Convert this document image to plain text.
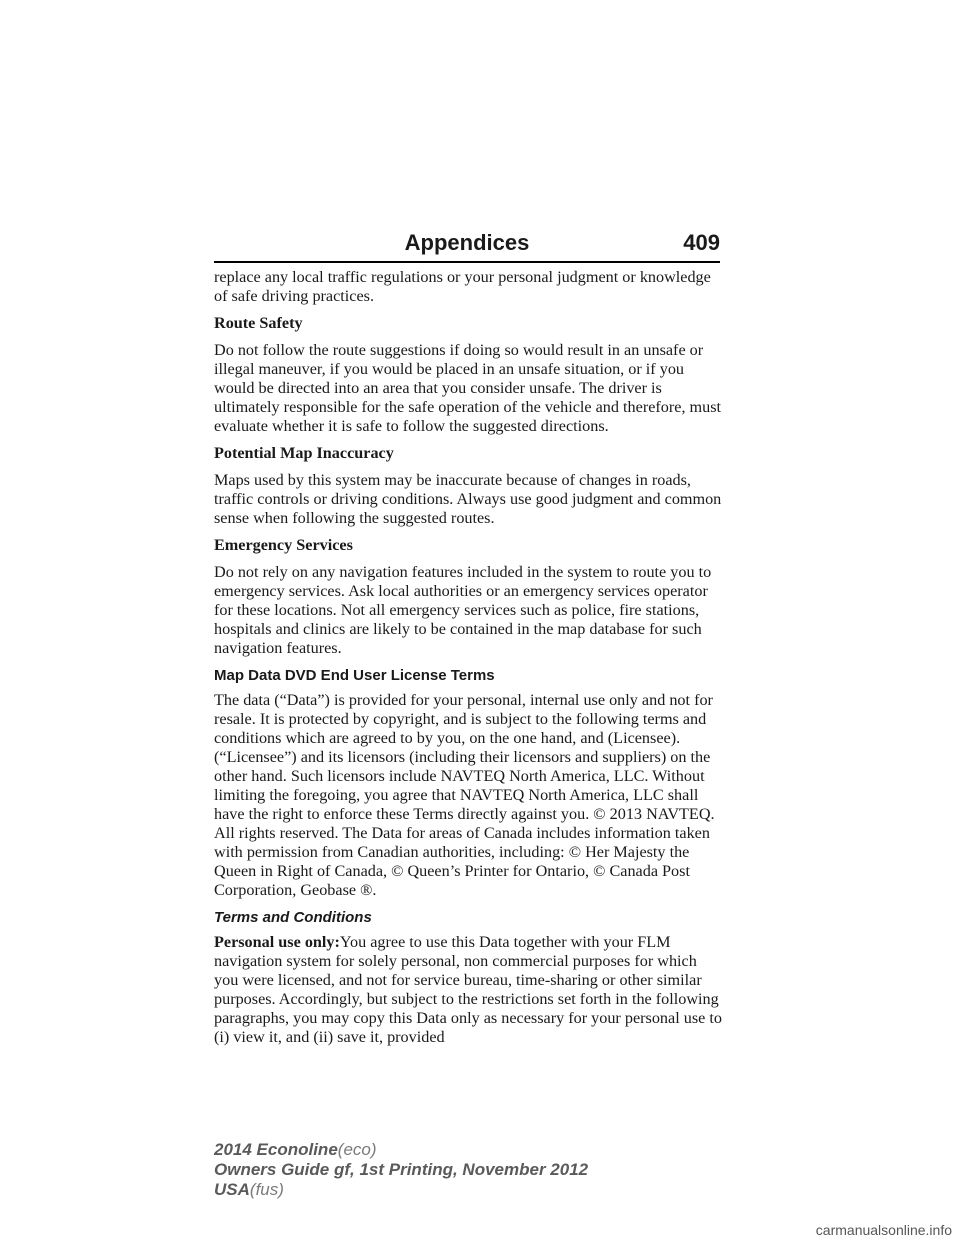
Appendices	409

replace any local traffic regulations or your personal judgment or knowledge of safe driving practices.

Route Safety

Do not follow the route suggestions if doing so would result in an unsafe or illegal maneuver, if you would be placed in an unsafe situation, or if you would be directed into an area that you consider unsafe. The driver is ultimately responsible for the safe operation of the vehicle and therefore, must evaluate whether it is safe to follow the suggested directions.

Potential Map Inaccuracy

Maps used by this system may be inaccurate because of changes in roads, traffic controls or driving conditions. Always use good judgment and common sense when following the suggested routes.

Emergency Services

Do not rely on any navigation features included in the system to route you to emergency services. Ask local authorities or an emergency services operator for these locations. Not all emergency services such as police, fire stations, hospitals and clinics are likely to be contained in the map database for such navigation features.

Map Data DVD End User License Terms

The data (“Data”) is provided for your personal, internal use only and not for resale. It is protected by copyright, and is subject to the following terms and conditions which are agreed to by you, on the one hand, and (Licensee). (“Licensee”) and its licensors (including their licensors and suppliers) on the other hand. Such licensors include NAVTEQ North America, LLC. Without limiting the foregoing, you agree that NAVTEQ North America, LLC shall have the right to enforce these Terms directly against you. © 2013 NAVTEQ. All rights reserved. The Data for areas of Canada includes information taken with permission from Canadian authorities, including: © Her Majesty the Queen in Right of Canada, © Queen’s Printer for Ontario, © Canada Post Corporation, Geobase ®.

Terms and Conditions

Personal use only:You agree to use this Data together with your FLM navigation system for solely personal, non commercial purposes for which you were licensed, and not for service bureau, time-sharing or other similar purposes. Accordingly, but subject to the restrictions set forth in the following paragraphs, you may copy this Data only as necessary for your personal use to (i) view it, and (ii) save it, provided

2014 Econoline(eco)
Owners Guide gf, 1st Printing, November 2012
USA(fus)
carmanualsonline.info
